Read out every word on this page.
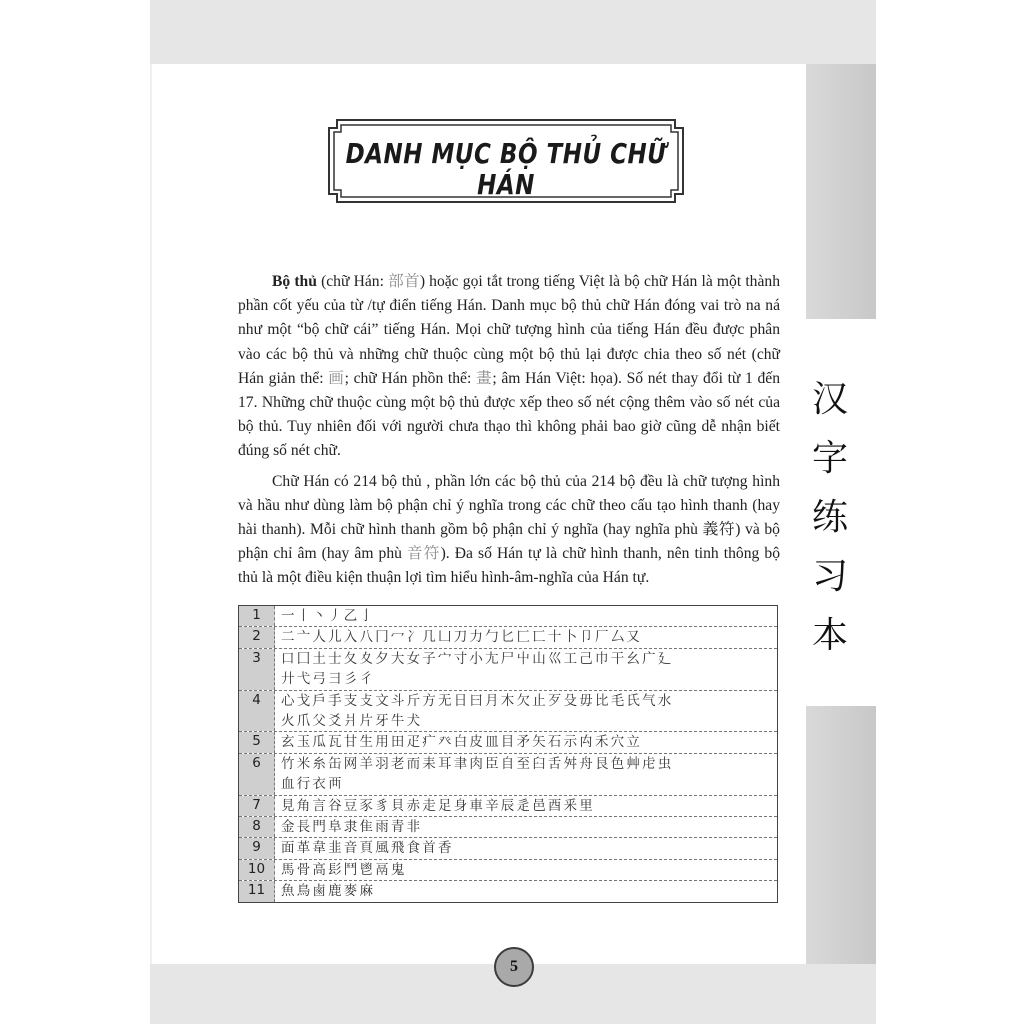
DANH MỤC BỘ THỦ CHỮ HÁN

Bộ thủ (chữ Hán: 部首) hoặc gọi tắt trong tiếng Việt là bộ chữ Hán là một thành phần cốt yếu của từ /tự điển tiếng Hán. Danh mục bộ thủ chữ Hán đóng vai trò na ná như một “bộ chữ cái” tiếng Hán. Mọi chữ tượng hình của tiếng Hán đều được phân vào các bộ thủ và những chữ thuộc cùng một bộ thủ lại được chia theo số nét (chữ Hán giản thể: 画; chữ Hán phồn thể: 畫; âm Hán Việt: họa). Số nét thay đổi từ 1 đến 17. Những chữ thuộc cùng một bộ thủ được xếp theo số nét cộng thêm vào số nét của bộ thủ. Tuy nhiên đối với người chưa thạo thì không phải bao giờ cũng dễ nhận biết đúng số nét chữ.

Chữ Hán có 214 bộ thủ , phần lớn các bộ thủ của 214 bộ đều là chữ tượng hình và hầu như dùng làm bộ phận chỉ ý nghĩa trong các chữ theo cấu tạo hình thanh (hay hài thanh). Mỗi chữ hình thanh gồm bộ phận chỉ ý nghĩa (hay nghĩa phù 義符) và bộ phận chỉ âm (hay âm phù 音符). Đa số Hán tự là chữ hình thanh, nên tinh thông bộ thủ là một điều kiện thuận lợi tìm hiểu hình-âm-nghĩa của Hán tự.

汉
字
练
习
本
1	一丨丶丿乙亅
2	二亠人儿入八冂冖冫几凵刀力勹匕匚匸十卜卩厂厶又
3	口囗土士夂夊夕大女子宀寸小尢尸屮山巛工己巾干幺广廴
廾弋弓彐彡彳
4	心戈戶手支攴文斗斤方无日曰月木欠止歹殳毋比毛氏气水
火爪父爻爿片牙牛犬
5	玄玉瓜瓦甘生用田疋疒癶白皮皿目矛矢石示禸禾穴立
6	竹米糸缶网羊羽老而耒耳聿肉臣自至臼舌舛舟艮色艸虍虫
血行衣襾
7	見角言谷豆豕豸貝赤走足身車辛辰辵邑酉釆里
8	金長門阜隶隹雨青非
9	面革韋韭音頁風飛食首香
10	馬骨高髟鬥鬯鬲鬼
11	魚鳥鹵鹿麥麻
5
